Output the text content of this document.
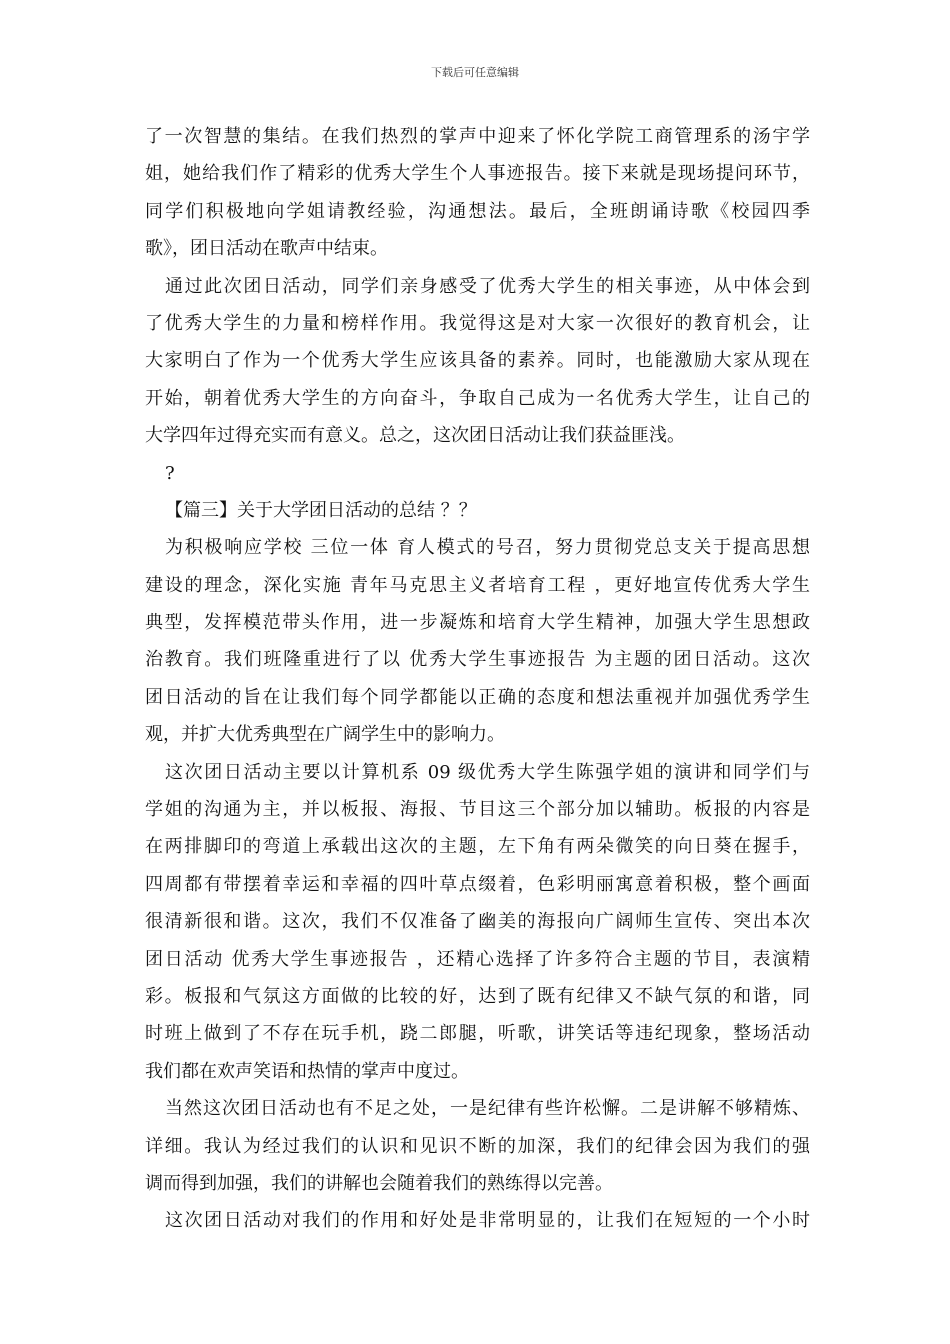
下载后可任意编辑
了一次智慧的集结。在我们热烈的掌声中迎来了怀化学院工商管理系的汤宇学
姐，她给我们作了精彩的优秀大学生个人事迹报告。接下来就是现场提问环节，
同学们积极地向学姐请教经验，沟通想法。最后，全班朗诵诗歌《校园四季
歌》，团日活动在歌声中结束。
通过此次团日活动，同学们亲身感受了优秀大学生的相关事迹，从中体会到
了优秀大学生的力量和榜样作用。我觉得这是对大家一次很好的教育机会，让
大家明白了作为一个优秀大学生应该具备的素养。同时，也能激励大家从现在
开始，朝着优秀大学生的方向奋斗，争取自己成为一名优秀大学生，让自己的
大学四年过得充实而有意义。总之，这次团日活动让我们获益匪浅。
?
【篇三】关于大学团日活动的总结 ？？
为积极响应学校 三位一体 育人模式的号召，努力贯彻党总支关于提高思想
建设的理念，深化实施 青年马克思主义者培育工程 ，更好地宣传优秀大学生
典型，发挥模范带头作用，进一步凝炼和培育大学生精神，加强大学生思想政
治教育。我们班隆重进行了以 优秀大学生事迹报告 为主题的团日活动。这次
团日活动的旨在让我们每个同学都能以正确的态度和想法重视并加强优秀学生
观，并扩大优秀典型在广阔学生中的影响力。
这次团日活动主要以计算机系 09 级优秀大学生陈强学姐的演讲和同学们与
学姐的沟通为主，并以板报、海报、节目这三个部分加以辅助。板报的内容是
在两排脚印的弯道上承载出这次的主题，左下角有两朵微笑的向日葵在握手，
四周都有带摆着幸运和幸福的四叶草点缀着，色彩明丽寓意着积极，整个画面
很清新很和谐。这次，我们不仅准备了幽美的海报向广阔师生宣传、突出本次
团日活动 优秀大学生事迹报告 ，还精心选择了许多符合主题的节目，表演精
彩。板报和气氛这方面做的比较的好，达到了既有纪律又不缺气氛的和谐，同
时班上做到了不存在玩手机，跷二郎腿，听歌，讲笑话等违纪现象，整场活动
我们都在欢声笑语和热情的掌声中度过。
当然这次团日活动也有不足之处，一是纪律有些许松懈。二是讲解不够精炼、
详细。我认为经过我们的认识和见识不断的加深，我们的纪律会因为我们的强
调而得到加强，我们的讲解也会随着我们的熟练得以完善。
这次团日活动对我们的作用和好处是非常明显的，让我们在短短的一个小时
